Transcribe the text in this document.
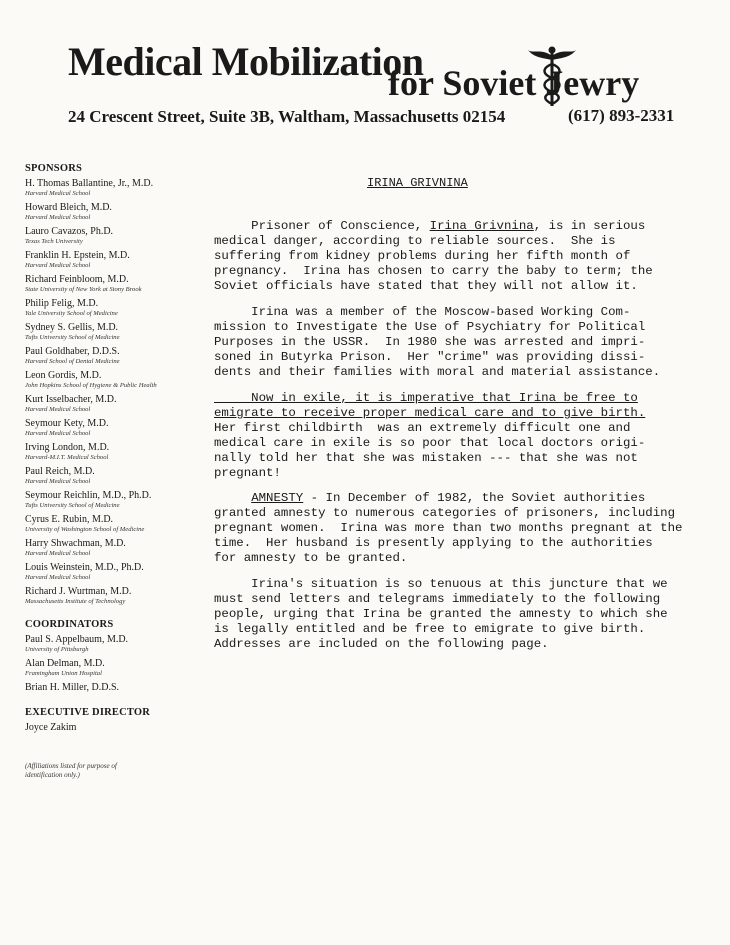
Medical Mobilization
for Soviet Jewry
24 Crescent Street, Suite 3B, Waltham, Massachusetts 02154	(617) 893-2331
SPONSORS
H. Thomas Ballantine, Jr., M.D.
Harvard Medical School
Howard Bleich, M.D.
Harvard Medical School
Lauro Cavazos, Ph.D.
Texas Tech University
Franklin H. Epstein, M.D.
Harvard Medical School
Richard Feinbloom, M.D.
State University of New York at Stony Brook
Philip Felig, M.D.
Yale University School of Medicine
Sydney S. Gellis, M.D.
Tufts University School of Medicine
Paul Goldhaber, D.D.S.
Harvard School of Dental Medicine
Leon Gordis, M.D.
John Hopkins School of Hygiene & Public Health
Kurt Isselbacher, M.D.
Harvard Medical School
Seymour Kety, M.D.
Harvard Medical School
Irving London, M.D.
Harvard-M.I.T. Medical School
Paul Reich, M.D.
Harvard Medical School
Seymour Reichlin, M.D., Ph.D.
Tufts University School of Medicine
Cyrus E. Rubin, M.D.
University of Washington School of Medicine
Harry Shwachman, M.D.
Harvard Medical School
Louis Weinstein, M.D., Ph.D.
Harvard Medical School
Richard J. Wurtman, M.D.
Massachusetts Institute of Technology
COORDINATORS
Paul S. Appelbaum, M.D.
University of Pittsburgh
Alan Delman, M.D.
Framingham Union Hospital
Brian H. Miller, D.D.S.
EXECUTIVE DIRECTOR
Joyce Zakim
(Affiliations listed for purpose of
identification only.)
IRINA GRIVNINA
Prisoner of Conscience, Irina Grivnina, is in serious
medical danger, according to reliable sources.  She is
suffering from kidney problems during her fifth month of
pregnancy.  Irina has chosen to carry the baby to term; the
Soviet officials have stated that they will not allow it.
Irina was a member of the Moscow-based Working Com-
mission to Investigate the Use of Psychiatry for Political
Purposes in the USSR.  In 1980 she was arrested and impri-
soned in Butyrka Prison.  Her "crime" was providing dissi-
dents and their families with moral and material assistance.
Now in exile, it is imperative that Irina be free to
emigrate to receive proper medical care and to give birth.
Her first childbirth  was an extremely difficult one and
medical care in exile is so poor that local doctors origi-
nally told her that she was mistaken --- that she was not
pregnant!
AMNESTY - In December of 1982, the Soviet authorities
granted amnesty to numerous categories of prisoners, including
pregnant women.  Irina was more than two months pregnant at the
time.  Her husband is presently applying to the authorities
for amnesty to be granted.
Irina's situation is so tenuous at this juncture that we
must send letters and telegrams immediately to the following
people, urging that Irina be granted the amnesty to which she
is legally entitled and be free to emigrate to give birth.
Addresses are included on the following page.
